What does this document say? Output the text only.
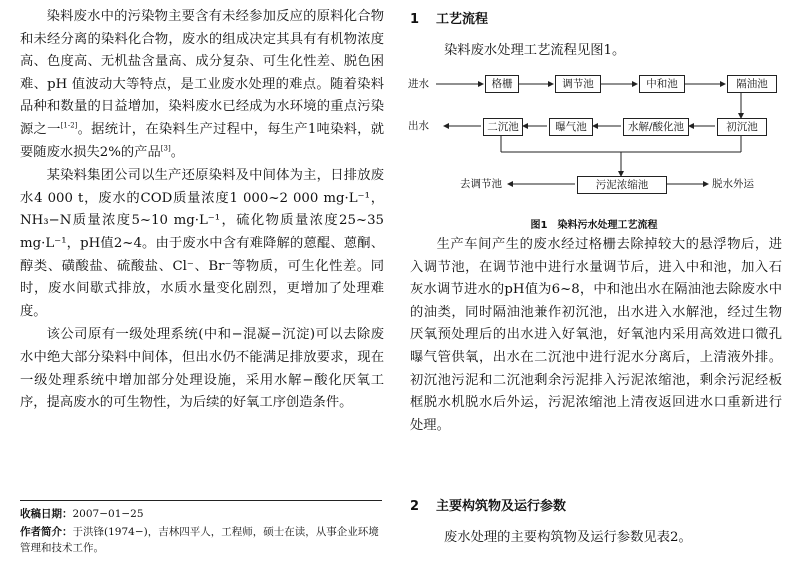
染料废水中的污染物主要含有未经参加反应的原料化合物和未经分离的染料化合物，废水的组成决定其具有有机物浓度高、色度高、无机盐含量高、成分复杂、可生化性差、脱色困难、pH 值波动大等特点，是工业废水处理的难点。随着染料品种和数量的日益增加，染料废水已经成为水环境的重点污染源之一[1-2]。据统计，在染料生产过程中，每生产1吨染料，就要随废水损失2%的产品[3]。

某染料集团公司以生产还原染料及中间体为主，日排放废水4 000 t，废水的COD质量浓度1 000~2 000 mg·L⁻¹，NH₃−N质量浓度5~10 mg·L⁻¹，硫化物质量浓度25~35 mg·L⁻¹，pH值2~4。由于废水中含有难降解的蒽醌、蒽酮、醇类、磺酸盐、硫酸盐、Cl⁻、Br⁻等物质，可生化性差。同时，废水间歇式排放，水质水量变化剧烈，更增加了处理难度。

该公司原有一级处理系统(中和−混凝−沉淀)可以去除废水中绝大部分染料中间体，但出水仍不能满足排放要求，现在一级处理系统中增加部分处理设施，采用水解−酸化厌氧工序，提高废水的可生物性，为后续的好氧工序创造条件。

收稿日期：2007−01−25
作者简介：于洪锋(1974−)，吉林四平人，工程师，硕士在读，从事企业环境管理和技术工作。
1 工艺流程

染料废水处理工艺流程见图1。

进水
出水
去调节池	脱水外运
格栅	调节池	中和池	隔油池
初沉池
水解/酸化池
曝气池
二沉池
污泥浓缩池
图1　染料污水处理工艺流程

生产车间产生的废水经过格栅去除掉较大的悬浮物后，进入调节池，在调节池中进行水量调节后，进入中和池，加入石灰水调节进水的pH值为6~8，中和池出水在隔油池去除废水中的油类，同时隔油池兼作初沉池，出水进入水解池，经过生物厌氧预处理后的出水进入好氧池，好氧池内采用高效进口微孔曝气管供氧，出水在二沉池中进行泥水分离后，上清液外排。初沉池污泥和二沉池剩余污泥排入污泥浓缩池，剩余污泥经板框脱水机脱水后外运，污泥浓缩池上清夜返回进水口重新进行处理。

2 主要构筑物及运行参数

废水处理的主要构筑物及运行参数见表2。
